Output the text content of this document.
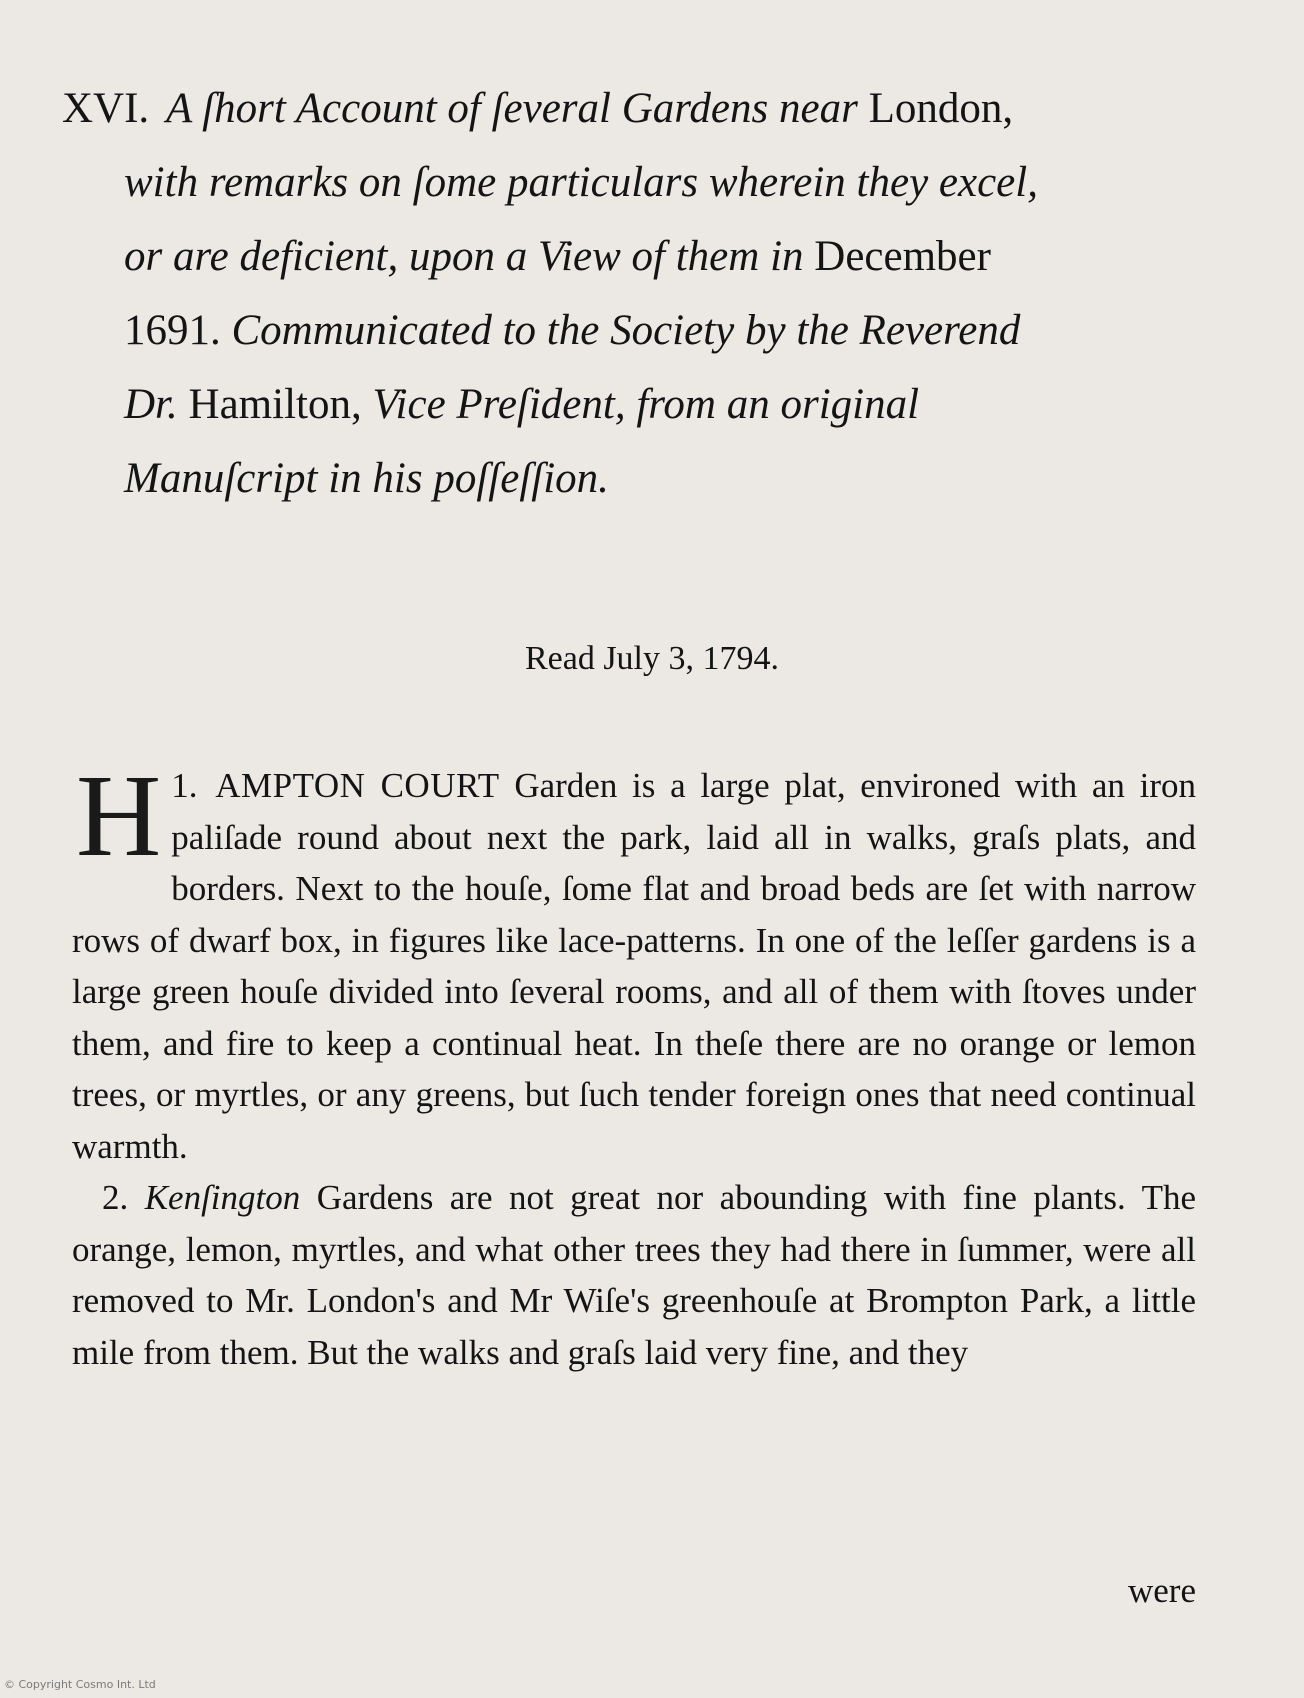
XVI. A ſhort Account of ſeveral Gardens near London,
with remarks on ſome particulars wherein they excel,
or are deficient, upon a View of them in December
1691. Communicated to the Society by the Reverend
Dr. Hamilton, Vice Preſident, from an original
Manuſcript in his poſſeſſion.
Read July 3, 1794.

1.
H AMPTON COURT Garden is a large plat, environed with an iron paliſade round about next the park, laid all in walks, graſs plats, and borders. Next to the houſe, ſome flat and broad beds are ſet with narrow rows of dwarf box, in figures like lace-patterns. In one of the leſſer gardens is a large green houſe divided into ſeveral rooms, and all of them with ſtoves under them, and fire to keep a continual heat. In theſe there are no orange or lemon trees, or myrtles, or any greens, but ſuch tender foreign ones that need continual warmth.

2. Kenſington Gardens are not great nor abounding with fine plants. The orange, lemon, myrtles, and what other trees they had there in ſummer, were all removed to Mr. London's and Mr Wiſe's greenhouſe at Brompton Park, a little mile from them. But the walks and graſs laid very fine, and they

were
© Copyright Cosmo Int. Ltd
